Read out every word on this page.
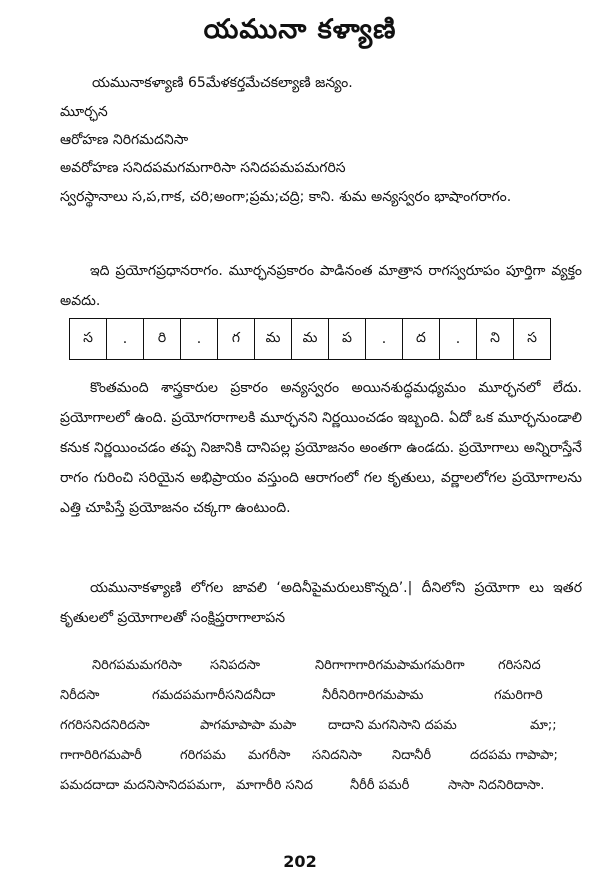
యమునా కళ్యాణి
యమునాకళ్యాణి 65మేళకర్తమేచకల్యాణి జన్యం.
మూర్ఛన
ఆరోహణ నిరిగమదనిసా
అవరోహణ సనిదపమగమగారిసా సనిదపమపమగరిస

స్వరస్థానాలు స,ప,గాక, చరి;అంగా;ప్రమ;చద్రి; కాని. శుమ అన్యస్వరం భాషాంగరాగం.

ఇది ప్రయోగప్రధానరాగం. మూర్ఛనప్రకారం పాడినంత మాత్రాన రాగస్వరూపం పూర్తిగా వ్యక్తం అవదు.

స	.	రి	.	గ	మ	మ	ప	.	ద	.	ని	స

కొంతమంది శాస్త్రకారుల ప్రకారం అన్యస్వరం అయినశుద్ధమధ్యమం మూర్ఛనలో లేదు. ప్రయోగాలలో ఉంది. ప్రయోగరాగాలకి మూర్ఛనని నిర్ణయించడం ఇబ్బంది. ఏదో ఒక మూర్ఛనుండాలి కనుక నిర్ణయించడం తప్ప నిజానికి దానిపల్ల ప్రయోజనం అంతగా ఉండదు. ప్రయోగాలు అన్నిరాస్తేనే రాగం గురించి సరియైన అభిప్రాయం వస్తుంది ఆరాగంలో గల కృతులు, వర్ణాలలోగల ప్రయోగాలను ఎత్తి చూపిస్తే ప్రయోజనం చక్కగా ఉంటుంది.

యమునాకళ్యాణి లోగల జావలి ‘అదినీపైమరులుకొన్నది’.| దీనిలోని ప్రయోగా లు ఇతర కృతులలో ప్రయోగాలతో సంక్షిప్తరాగాలాపన

నిరిగపమమగరిసా సనిపదసా	నిరిగాగాగారిగమపామగమరిగా	గరిసనిద
నిరీదసా	గమదపమగారీసనిదనీదా	నీరీనిరిగారిగమపామ	గమరిగారి
గగరిసనిదనిరిదసా	పాగమాపాపా మపా దాదాని మగనిసాని దపమ	మా;;
గాగారిరిగమపారీ	గరిగపమ మగరీసా సనిదనిసా నిదానీరీ	దదపమ గాపాపా;
పమదదాదా మదనిసానిదపమగా, మాగారీరి సనిద	నీరీరీ పమరీ	సాసా నిదనిరిదాసా.
202
